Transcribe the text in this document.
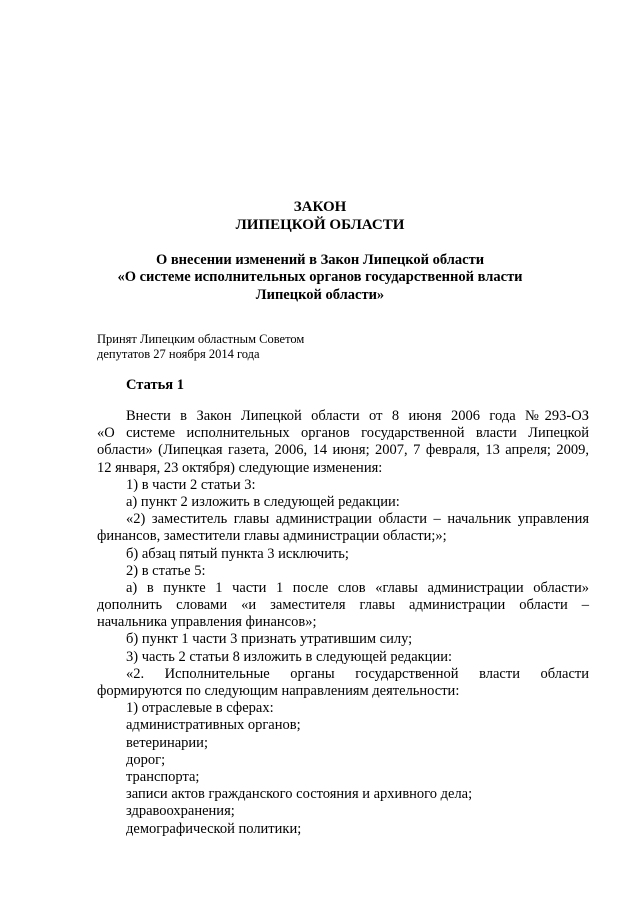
ЗАКОН
ЛИПЕЦКОЙ ОБЛАСТИ
О внесении изменений в Закон Липецкой области
«О системе исполнительных органов государственной власти
Липецкой области»
Принят Липецким областным Советом
депутатов 27 ноября 2014 года
Статья 1
Внести в Закон Липецкой области от 8 июня 2006 года №293-ОЗ
«О системе исполнительных органов государственной власти Липецкой
области» (Липецкая газета, 2006, 14 июня; 2007, 7 февраля, 13 апреля; 2009,
12 января, 23 октября) следующие изменения:
1) в части 2 статьи 3:
а) пункт 2 изложить в следующей редакции:
«2) заместитель главы администрации области – начальник управления
финансов, заместители главы администрации области;»;
б) абзац пятый пункта 3 исключить;
2) в статье 5:
а) в пункте 1 части 1 после слов «главы администрации области»
дополнить словами «и заместителя главы администрации области –
начальника управления финансов»;
б) пункт 1 части 3 признать утратившим силу;
3) часть 2 статьи 8 изложить в следующей редакции:
«2. Исполнительные органы государственной власти области
формируются по следующим направлениям деятельности:
1) отраслевые в сферах:
административных органов;
ветеринарии;
дорог;
транспорта;
записи актов гражданского состояния и архивного дела;
здравоохранения;
демографической политики;
